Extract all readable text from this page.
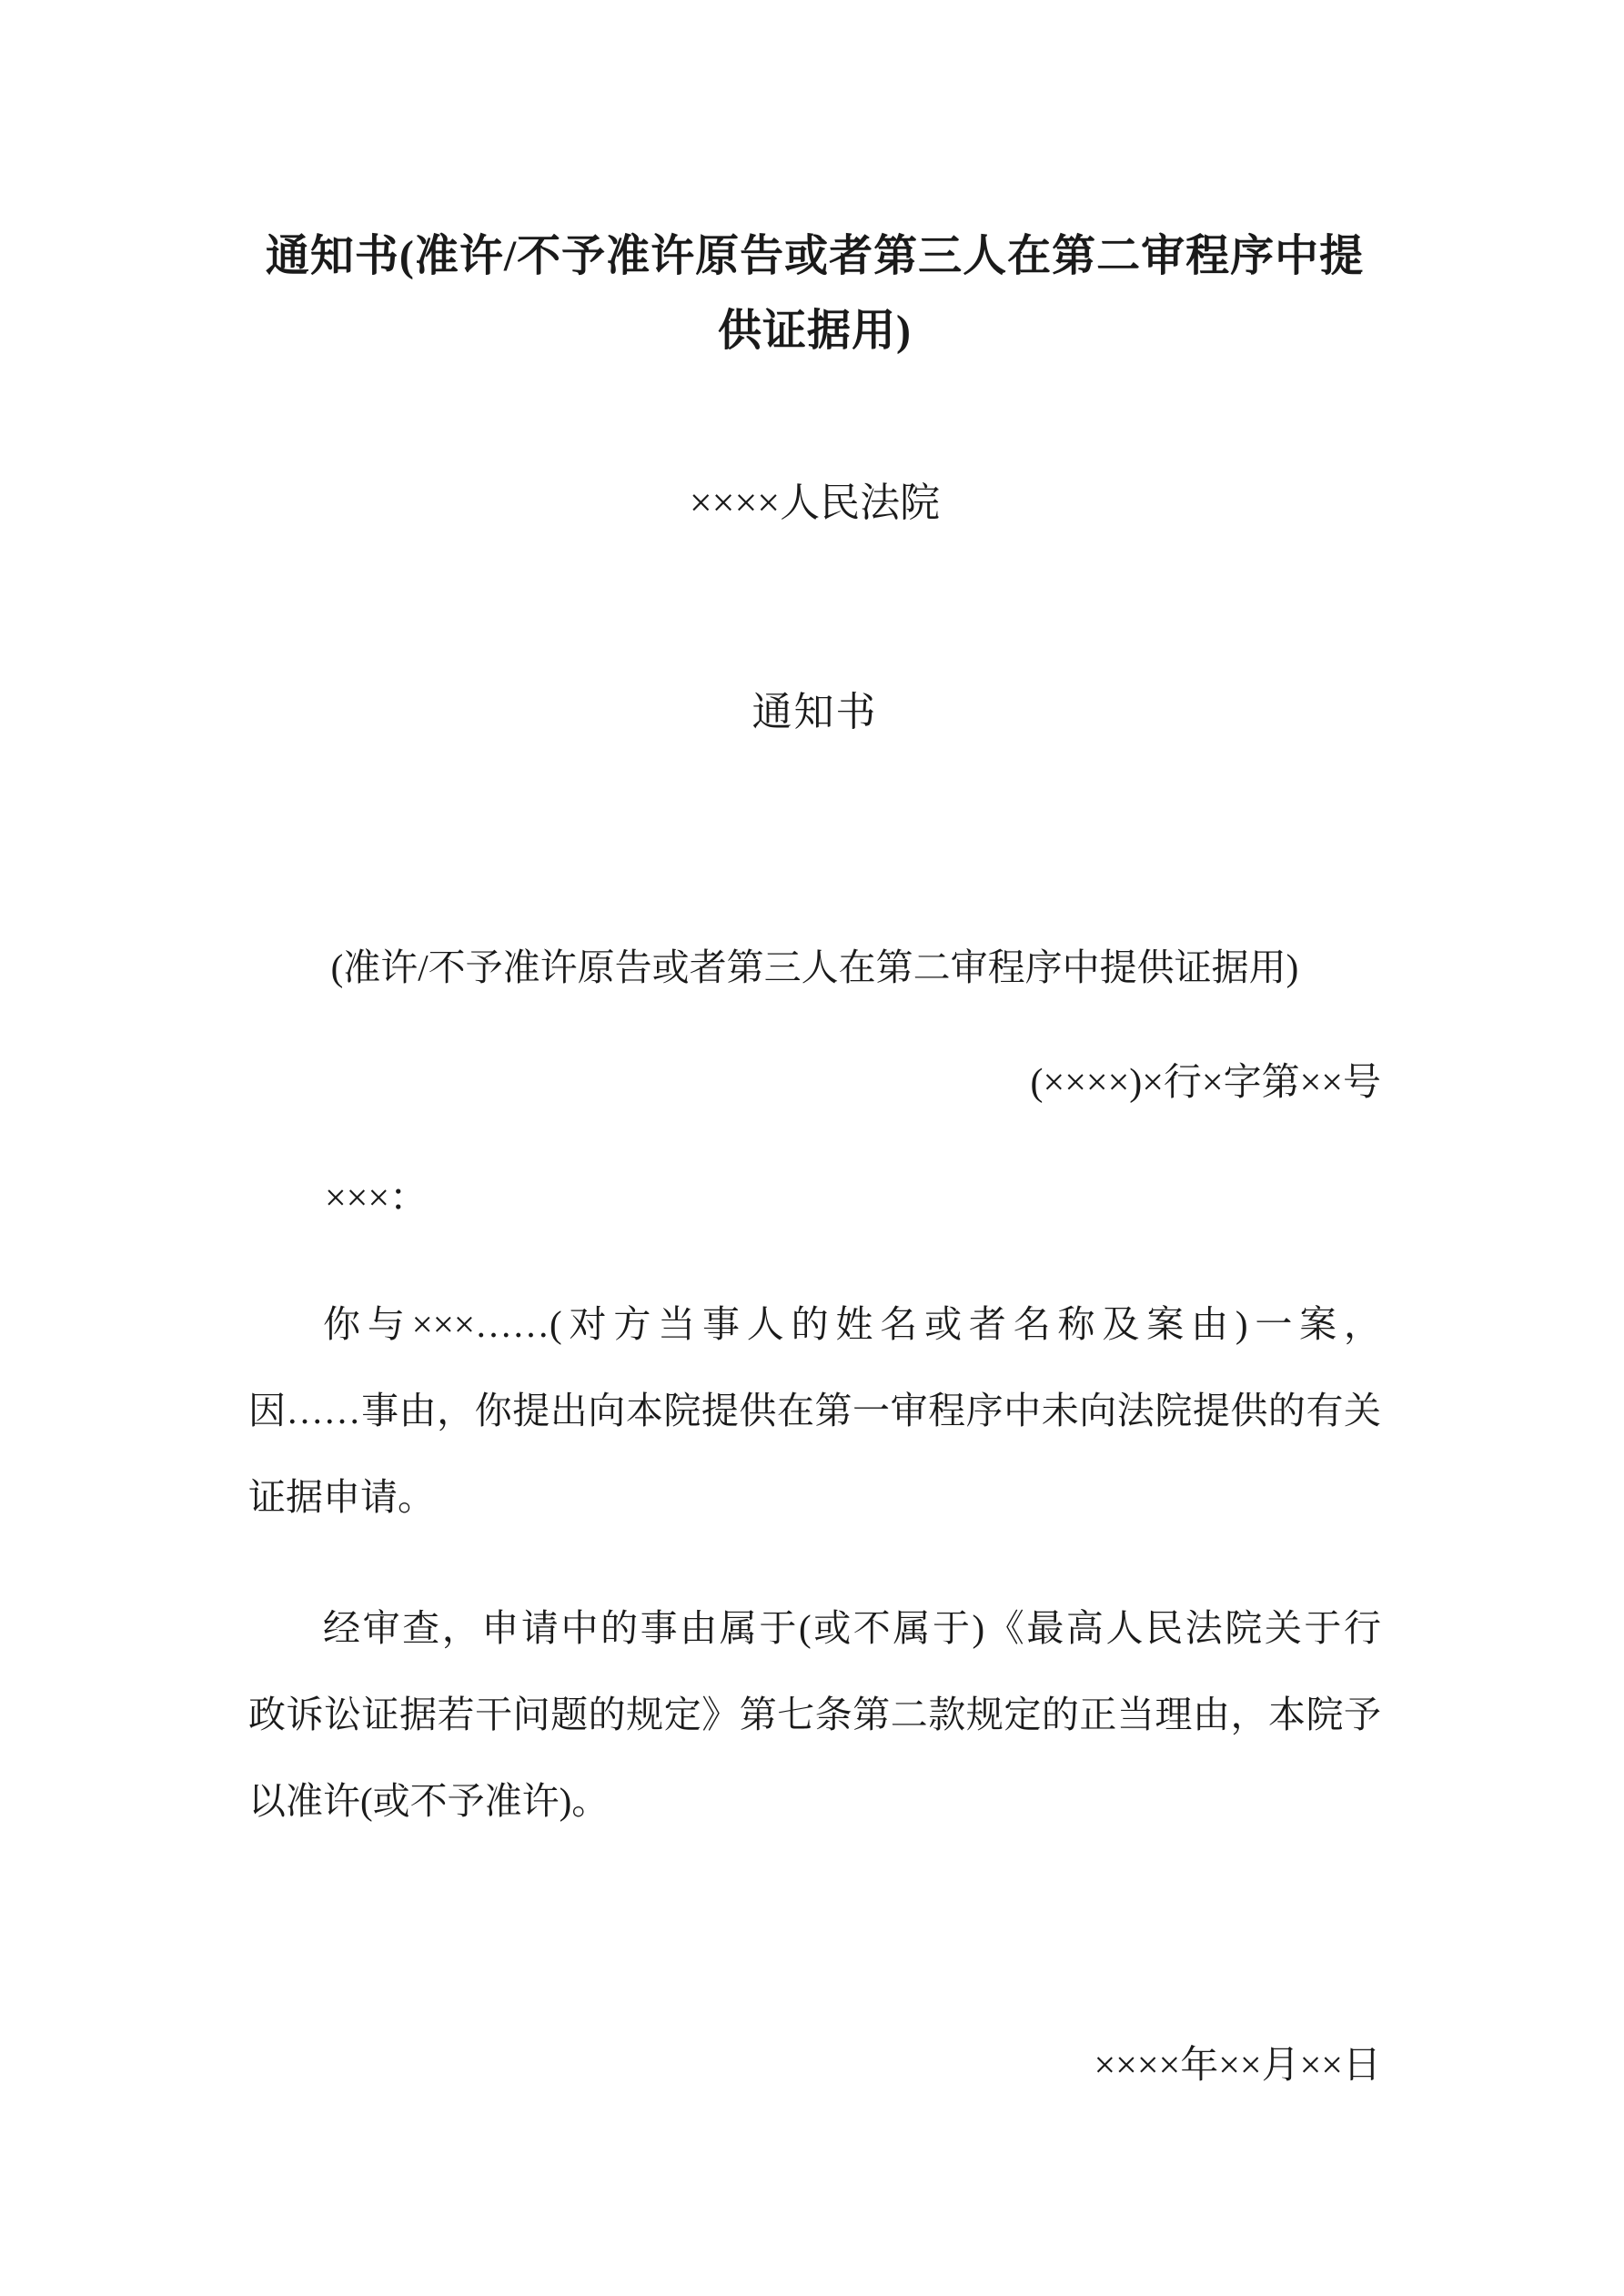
通知书(准许/不予准许原告或者第三人在第二审程序中提
供证据用)
××××人民法院
通知书
(准许/不予准许原告或者第三人在第二审程序中提供证据用)
(××××)×行×字第××号
×××：
你与×××……(对方当事人的姓名或者名称及案由)一案，
因……事由，你提出向本院提供在第一审程序中未向法院提供的有关
证据申请。
经审查，申请中的事由属于(或不属于)《最高人民法院关于行
政诉讼证据若干问题的规定》第七条第二款规定的正当理由，本院予
以准许(或不予准许)。
××××年××月××日
